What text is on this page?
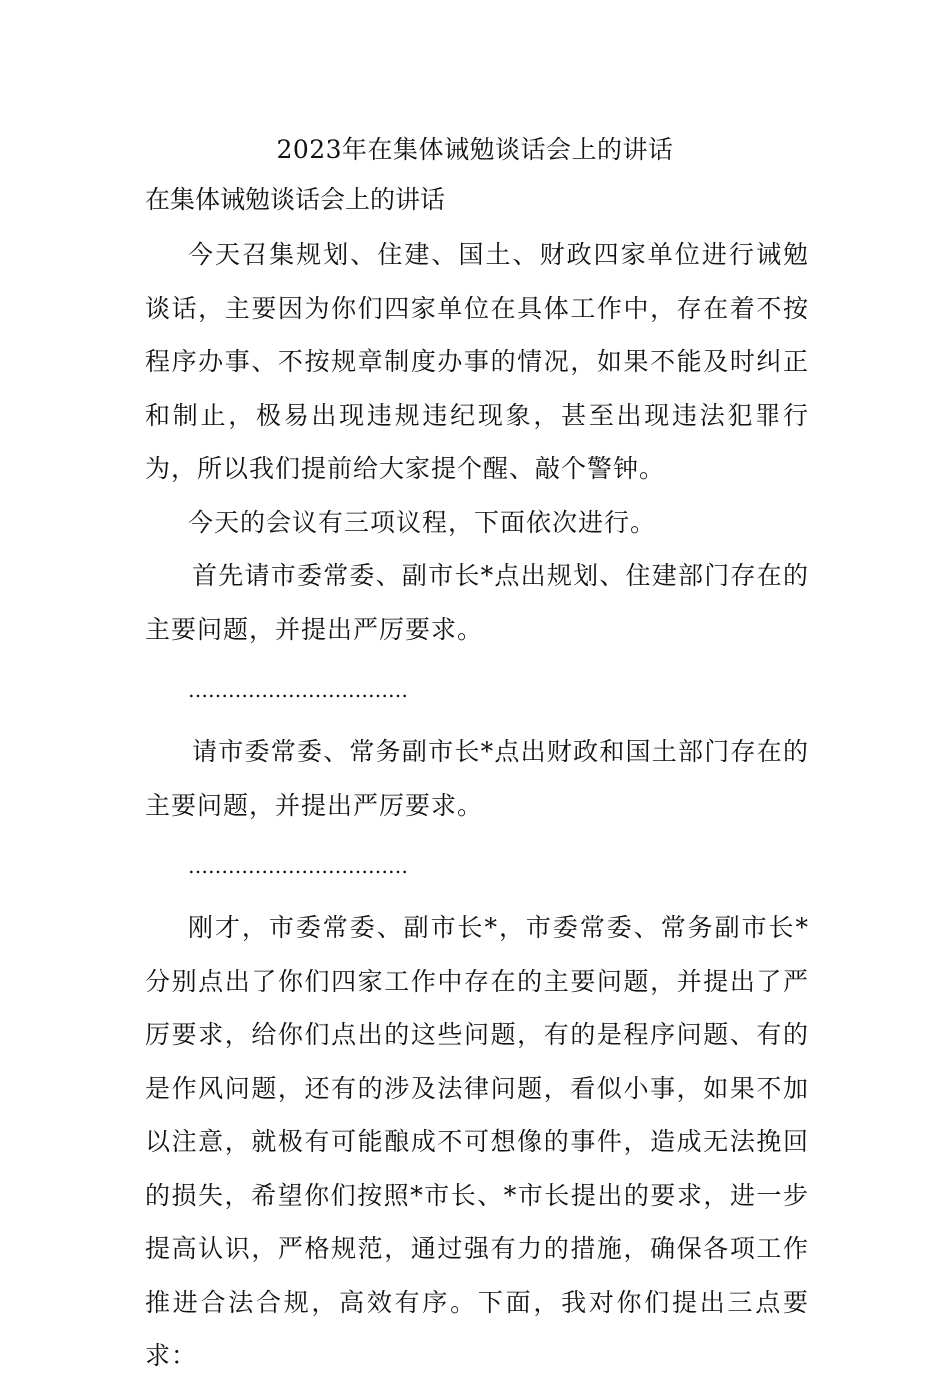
2023年在集体诫勉谈话会上的讲话
在集体诫勉谈话会上的讲话

今天召集规划、住建、国土、财政四家单位进行诫勉谈话，主要因为你们四家单位在具体工作中，存在着不按程序办事、不按规章制度办事的情况，如果不能及时纠正和制止，极易出现违规违纪现象，甚至出现违法犯罪行为，所以我们提前给大家提个醒、敲个警钟。

今天的会议有三项议程，下面依次进行。

首先请市委常委、副市长*点出规划、住建部门存在的主要问题，并提出严厉要求。

……………………………

请市委常委、常务副市长*点出财政和国土部门存在的主要问题，并提出严厉要求。

……………………………

刚才，市委常委、副市长*，市委常委、常务副市长*分别点出了你们四家工作中存在的主要问题，并提出了严厉要求，给你们点出的这些问题，有的是程序问题、有的是作风问题，还有的涉及法律问题，看似小事，如果不加以注意，就极有可能酿成不可想像的事件，造成无法挽回的损失，希望你们按照*市长、*市长提出的要求，进一步提高认识，严格规范，通过强有力的措施，确保各项工作推进合法合规，高效有序。下面，我对你们提出三点要求：
